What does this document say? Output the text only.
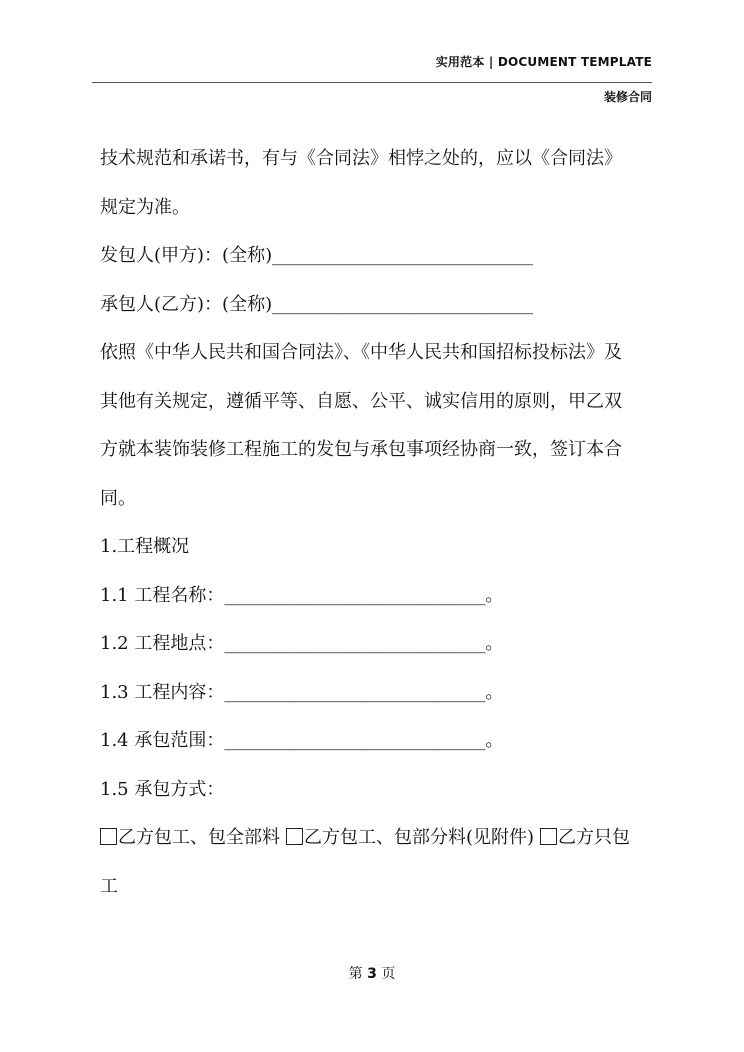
实用范本 | DOCUMENT TEMPLATE
装修合同
技术规范和承诺书，有与《合同法》相悖之处的，应以《合同法》
规定为准。
发包人(甲方)：(全称)_____________________________
承包人(乙方)：(全称)_____________________________
依照《中华人民共和国合同法》、《中华人民共和国招标投标法》及
其他有关规定，遵循平等、自愿、公平、诚实信用的原则，甲乙双
方就本装饰装修工程施工的发包与承包事项经协商一致，签订本合
同。
1.工程概况
1.1 工程名称：_____________________________。
1.2 工程地点：_____________________________。
1.3 工程内容：_____________________________。
1.4 承包范围：_____________________________。
1.5 承包方式：
乙方包工、包全部料 乙方包工、包部分料(见附件) 乙方只包
工
第 3 页
